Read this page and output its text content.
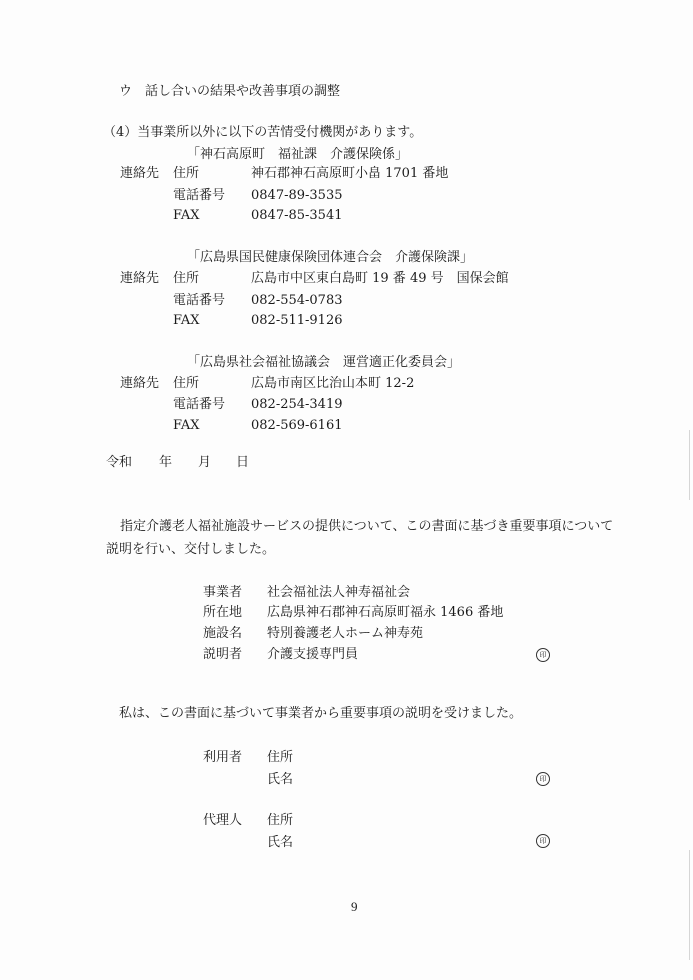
ウ　話し合いの結果や改善事項の調整
（4）当事業所以外に以下の苦情受付機関があります。
「神石高原町　福祉課　介護保険係」
連絡先 住所	神石郡神石高原町小畠 1701 番地
電話番号 0847-89-3535
FAX	0847-85-3541
「広島県国民健康保険団体連合会　介護保険課」
連絡先 住所	広島市中区東白島町 19 番 49 号　国保会館
電話番号 082-554-0783
FAX	082-511-9126
「広島県社会福祉協議会　運営適正化委員会」
連絡先 住所	広島市南区比治山本町 12-2
電話番号 082-254-3419
FAX	082-569-6161
令和 年 月 日
指定介護老人福祉施設サービスの提供について、この書面に基づき重要事項について
説明を行い、交付しました。
事業者 社会福祉法人神寿福祉会
所在地 広島県神石郡神石高原町福永 1466 番地
施設名 特別養護老人ホーム神寿苑
説明者 介護支援専門員	印
私は、この書面に基づいて事業者から重要事項の説明を受けました。
利用者 住所
氏名	印
代理人 住所
氏名	印
9
